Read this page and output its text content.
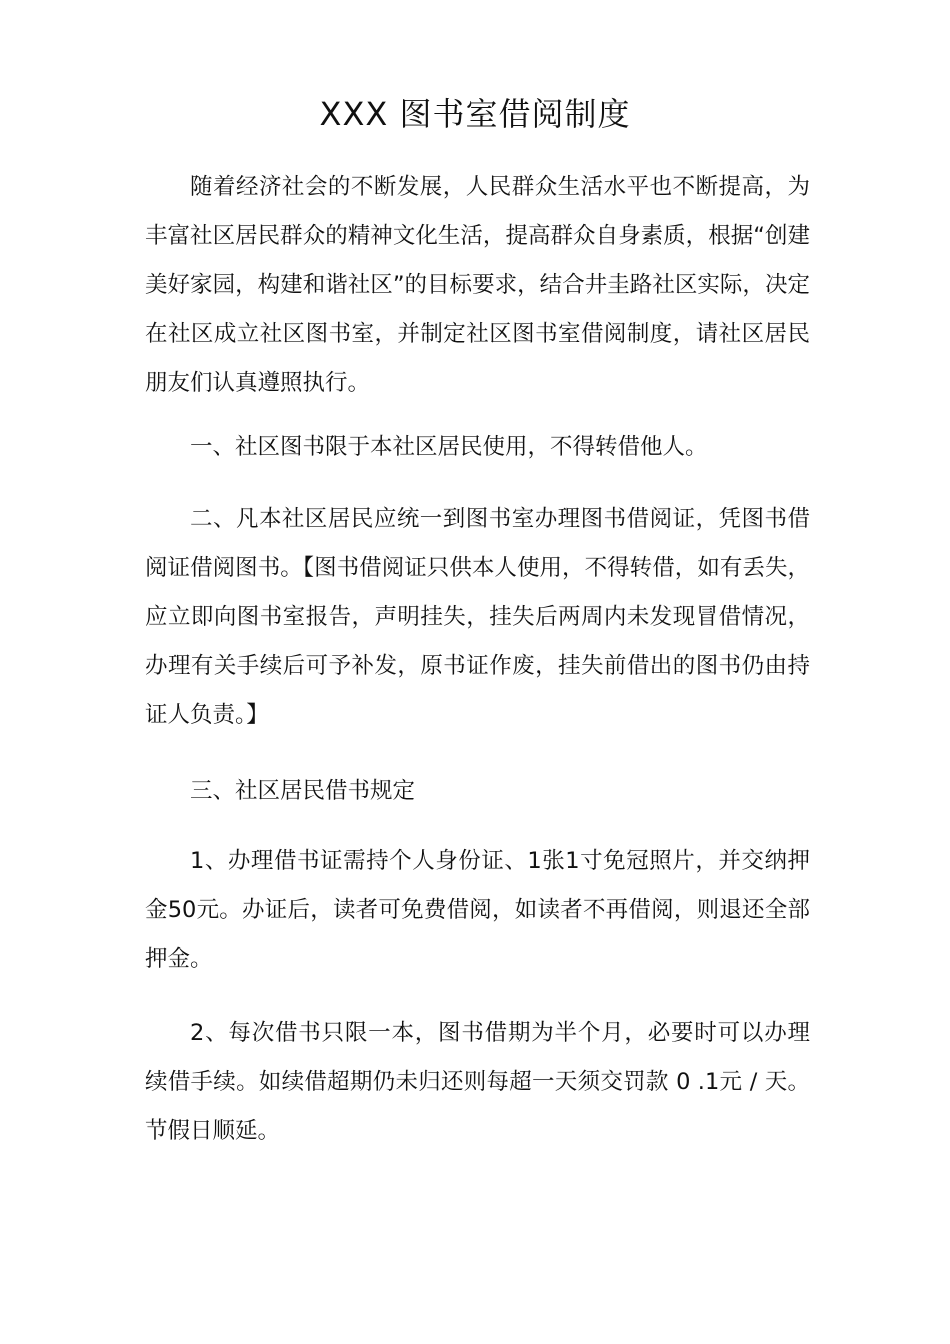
XXX 图书室借阅制度

随着经济社会的不断发展，人民群众生活水平也不断提高，为丰富社区居民群众的精神文化生活，提高群众自身素质，根据“创建美好家园，构建和谐社区”的目标要求，结合井圭路社区实际，决定在社区成立社区图书室，并制定社区图书室借阅制度，请社区居民朋友们认真遵照执行。

一、社区图书限于本社区居民使用，不得转借他人。

二、凡本社区居民应统一到图书室办理图书借阅证，凭图书借阅证借阅图书。【图书借阅证只供本人使用，不得转借，如有丢失，应立即向图书室报告，声明挂失，挂失后两周内未发现冒借情况，办理有关手续后可予补发，原书证作废，挂失前借出的图书仍由持证人负责。】

三、社区居民借书规定

1、办理借书证需持个人身份证、1张1寸免冠照片，并交纳押金50元。办证后，读者可免费借阅，如读者不再借阅，则退还全部押金。

2、每次借书只限一本，图书借期为半个月，必要时可以办理续借手续。如续借超期仍未归还则每超一天须交罚款 0 .1元 / 天。节假日顺延。
